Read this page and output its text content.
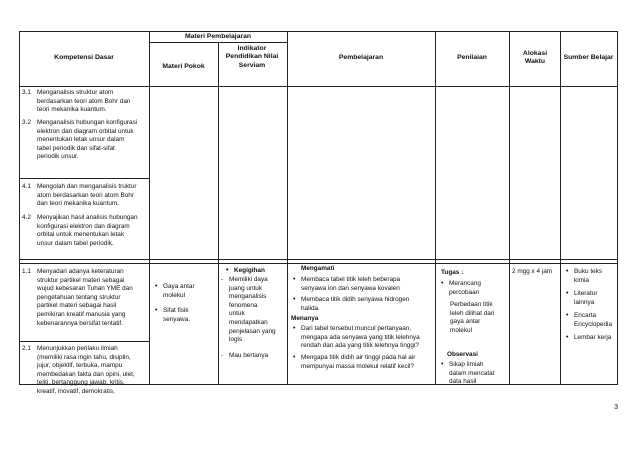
Kompetensi Dasar
Materi Pembelajaran
Materi Pokok
Indikator Pendidikan Nilai Serviam
Pembelajaran	Penilaian
Alokasi Waktu
Sumber Belajar
3.1 Menganalisis struktur atom
berdasarkan teori atom Bohr dan
teori mekanika kuantum.
3.2 Menganalisis hubungan konfigurasi
elektron dan diagram orbital untuk
menentukan letak unsur dalam
tabel periodik dan sifat-sifat
periodik unsur.
4.1 Mengolah dan menganalisis truktur
atom berdasarkan teori atom Bohr
dan teori mekanika kuantum.
4.2 Menyajikan hasil analisis hubungan
konfigurasi elektron dan diagram
orbital untuk menentukan letak
unsur dalam tabel periodik.
1.1 Menyadari adanya keteraturan
struktur partikel materi sebagai
wujud kebesaran Tuhan YME dan
pengetahuan tentang struktur
partikel materi sebagai hasil
pemikiran kreatif manusia yang
kebenarannya bersifat tentatif.
2.1 Menunjukkan perilaku ilmiah
(memiliki rasa ingin tahu, disiplin,
jujur, objektif, terbuka, mampu
membedakan fakta dan opini, ulet,
teliti, bertanggung jawab, kritis,
kreatif, inovatif, demokratis,
• Gaya antar
molekul
• Sifat fisik
senyawa.
• Kegigihan
- Memiliki daya
juang untuk
menganalisis
fenomena
untuk
mendapatkan
penjelasan yang
logis
- Mau bertanya
Mengamati
• Membaca tabel titik leleh beberapa
senyawa ion dan senyawa kovalen
• Membaca titik didih senyawa hidrogen
halida.
Menanya
• Dari tabel tersebut muncul pertanyaan,
mengapa ada senyawa yang titik lelehnya
rendah dan ada yang titik lelehnya tinggi?
• Mengapa titik didih air tinggi pada hal air
mempunyai massa molekul relatif kecil?
Tugas :
• Merancang
percobaan
Perbedaan titik
leleh dilihat dari
gaya antar
molekul
Observasi
• Sikap ilmiah
dalam mencatat
data hasil
2 mgg x 4 jam
•	Buku teks
kimia
• Literatur
lainnya
• Encarta
Encyclopedia
• Lembar kerja
3
